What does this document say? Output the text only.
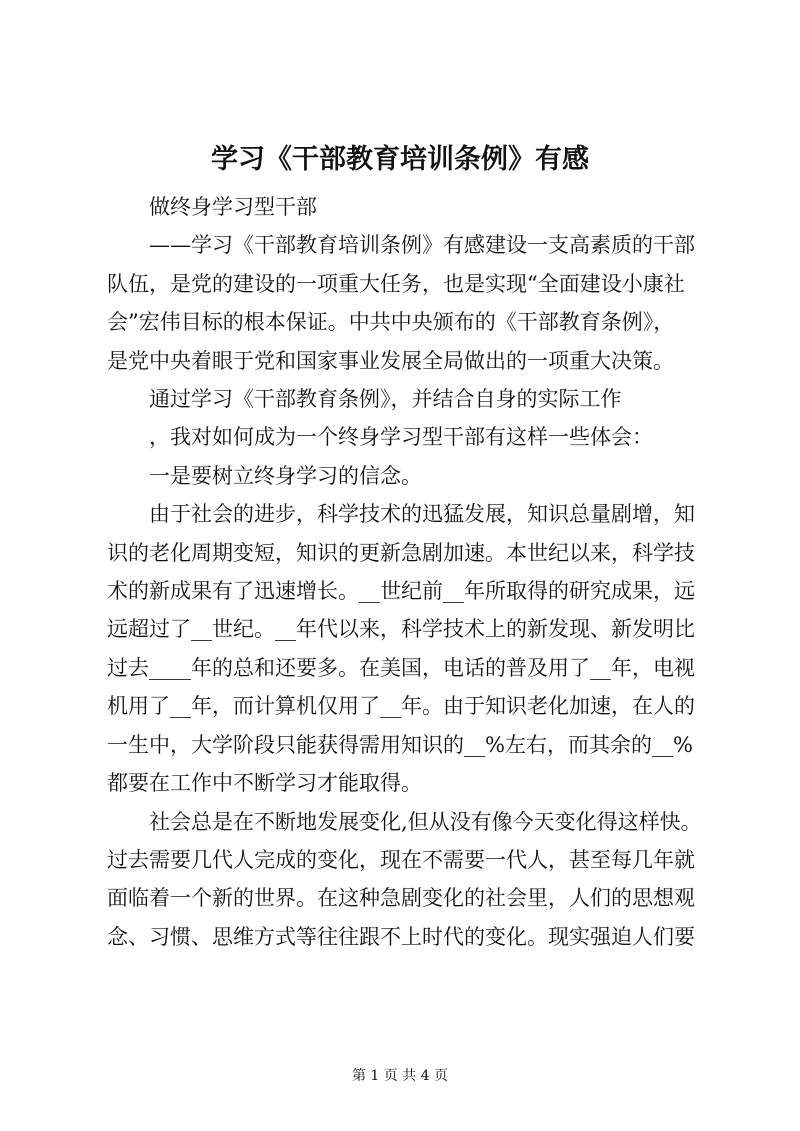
学习《干部教育培训条例》有感
　　做终身学习型干部
　　——学习《干部教育培训条例》有感建设一支高素质的干部
队伍，是党的建设的一项重大任务，也是实现“全面建设小康社
会”宏伟目标的根本保证。中共中央颁布的《干部教育条例》，
是党中央着眼于党和国家事业发展全局做出的一项重大决策。
　　通过学习《干部教育条例》，并结合自身的实际工作
　　，我对如何成为一个终身学习型干部有这样一些体会：
　　一是要树立终身学习的信念。
　　由于社会的进步，科学技术的迅猛发展，知识总量剧增，知
识的老化周期变短，知识的更新急剧加速。本世纪以来，科学技
术的新成果有了迅速增长。__世纪前__年所取得的研究成果，远
远超过了__世纪。__年代以来，科学技术上的新发现、新发明比
过去____年的总和还要多。在美国，电话的普及用了__年，电视
机用了__年，而计算机仅用了__年。由于知识老化加速，在人的
一生中，大学阶段只能获得需用知识的__%左右，而其余的__%
都要在工作中不断学习才能取得。
　　社会总是在不断地发展变化,但从没有像今天变化得这样快。
过去需要几代人完成的变化，现在不需要一代人，甚至每几年就
面临着一个新的世界。在这种急剧变化的社会里，人们的思想观
念、习惯、思维方式等往往跟不上时代的变化。现实强迫人们要
第 1 页 共 4 页
